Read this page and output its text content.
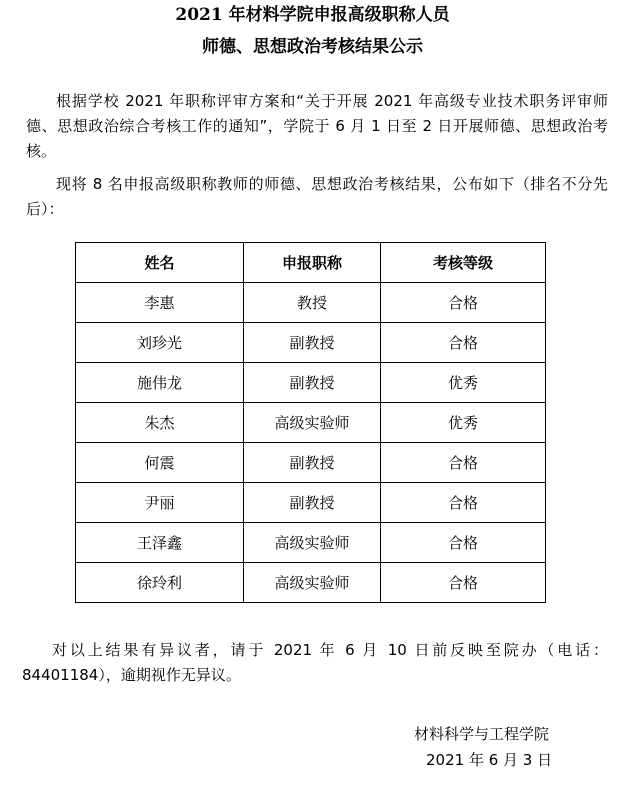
2021 年材料学院申报高级职称人员
师德、思想政治考核结果公示
根据学校 2021 年职称评审方案和“关于开展 2021 年高级专业技术职务评审师德、思想政治综合考核工作的通知”，学院于 6 月 1 日至 2 日开展师德、思想政治考核。
现将 8 名申报高级职称教师的师德、思想政治考核结果，公布如下（排名不分先后）：
姓名	申报职称	考核等级
李惠	教授	合格
刘珍光	副教授	合格
施伟龙	副教授	优秀
朱杰	高级实验师	优秀
何震	副教授	合格
尹丽	副教授	合格
王泽鑫	高级实验师	合格
徐玲利	高级实验师	合格
对以上结果有异议者，请于 2021 年 6 月 10 日前反映至院办（电话：84401184），逾期视作无异议。
材料科学与工程学院
2021 年 6 月 3 日
